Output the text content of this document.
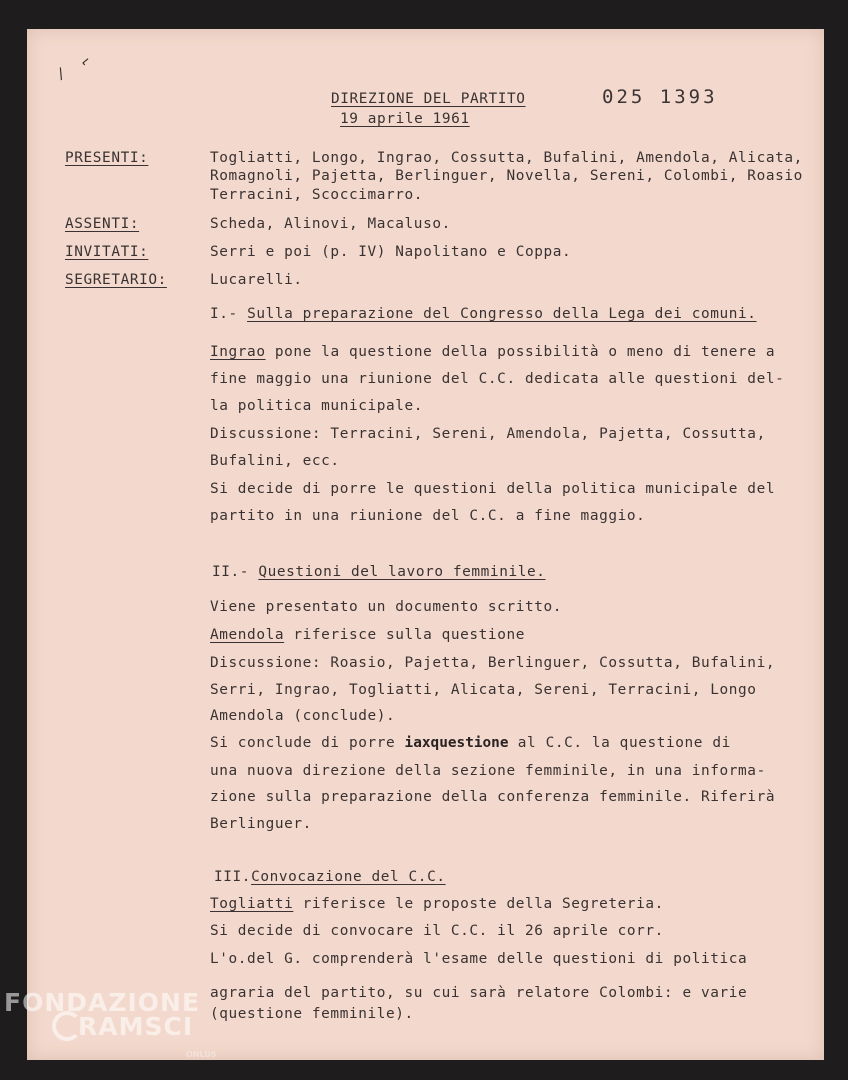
/
⌐
DIREZIONE DEL PARTITO
19 aprile 1961
025 1393
PRESENTI:	Togliatti, Longo, Ingrao, Cossutta, Bufalini, Amendola, Alicata,
Romagnoli, Pajetta, Berlinguer, Novella, Sereni, Colombi, Roasio
Terracini, Scoccimarro.
ASSENTI:	Scheda, Alinovi, Macaluso.
INVITATI:	Serri e poi (p. IV) Napolitano e Coppa.
SEGRETARIO:	Lucarelli.
I.- Sulla preparazione del Congresso della Lega dei comuni.
Ingrao pone la questione della possibilità o meno di tenere a
fine maggio una riunione del C.C. dedicata alle questioni del-
la politica municipale.
Discussione: Terracini, Sereni, Amendola, Pajetta, Cossutta,
Bufalini, ecc.
Si decide di porre le questioni della politica municipale del
partito in una riunione del C.C. a fine maggio.
II.- Questioni del lavoro femminile.
Viene presentato un documento scritto.
Amendola riferisce sulla questione
Discussione: Roasio, Pajetta, Berlinguer, Cossutta, Bufalini,
Serri, Ingrao, Togliatti, Alicata, Sereni, Terracini, Longo
Amendola (conclude).
Si conclude di porre iaxquestione al C.C. la questione di
una nuova direzione della sezione femminile, in una informa-
zione sulla preparazione della conferenza femminile. Riferirà
Berlinguer.
III.Convocazione del C.C.
Togliatti riferisce le proposte della Segreteria.
Si decide di convocare il C.C. il 26 aprile corr.
L'o.del G. comprenderà l'esame delle questioni di politica
agraria del partito, su cui sarà relatore Colombi: e varie
(questione femminile).
FONDAZIONE
RAMSCI
ONLUS
